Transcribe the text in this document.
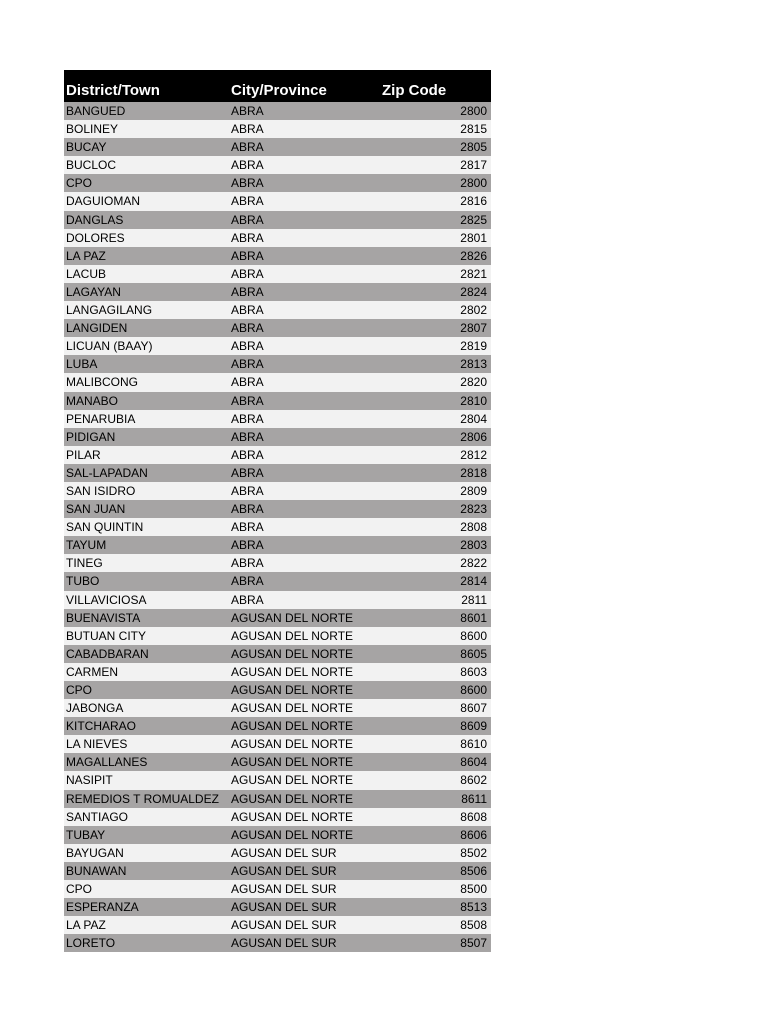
District/Town	City/Province	Zip Code
BANGUED	ABRA	2800
BOLINEY	ABRA	2815
BUCAY	ABRA	2805
BUCLOC	ABRA	2817
CPO	ABRA	2800
DAGUIOMAN	ABRA	2816
DANGLAS	ABRA	2825
DOLORES	ABRA	2801
LA PAZ	ABRA	2826
LACUB	ABRA	2821
LAGAYAN	ABRA	2824
LANGAGILANG	ABRA	2802
LANGIDEN	ABRA	2807
LICUAN (BAAY)	ABRA	2819
LUBA	ABRA	2813
MALIBCONG	ABRA	2820
MANABO	ABRA	2810
PENARUBIA	ABRA	2804
PIDIGAN	ABRA	2806
PILAR	ABRA	2812
SAL-LAPADAN	ABRA	2818
SAN ISIDRO	ABRA	2809
SAN JUAN	ABRA	2823
SAN QUINTIN	ABRA	2808
TAYUM	ABRA	2803
TINEG	ABRA	2822
TUBO	ABRA	2814
VILLAVICIOSA	ABRA	2811
BUENAVISTA	AGUSAN DEL NORTE	8601
BUTUAN CITY	AGUSAN DEL NORTE	8600
CABADBARAN	AGUSAN DEL NORTE	8605
CARMEN	AGUSAN DEL NORTE	8603
CPO	AGUSAN DEL NORTE	8600
JABONGA	AGUSAN DEL NORTE	8607
KITCHARAO	AGUSAN DEL NORTE	8609
LA NIEVES	AGUSAN DEL NORTE	8610
MAGALLANES	AGUSAN DEL NORTE	8604
NASIPIT	AGUSAN DEL NORTE	8602
REMEDIOS T ROMUALDEZ	AGUSAN DEL NORTE	8611
SANTIAGO	AGUSAN DEL NORTE	8608
TUBAY	AGUSAN DEL NORTE	8606
BAYUGAN	AGUSAN DEL SUR	8502
BUNAWAN	AGUSAN DEL SUR	8506
CPO	AGUSAN DEL SUR	8500
ESPERANZA	AGUSAN DEL SUR	8513
LA PAZ	AGUSAN DEL SUR	8508
LORETO	AGUSAN DEL SUR	8507
